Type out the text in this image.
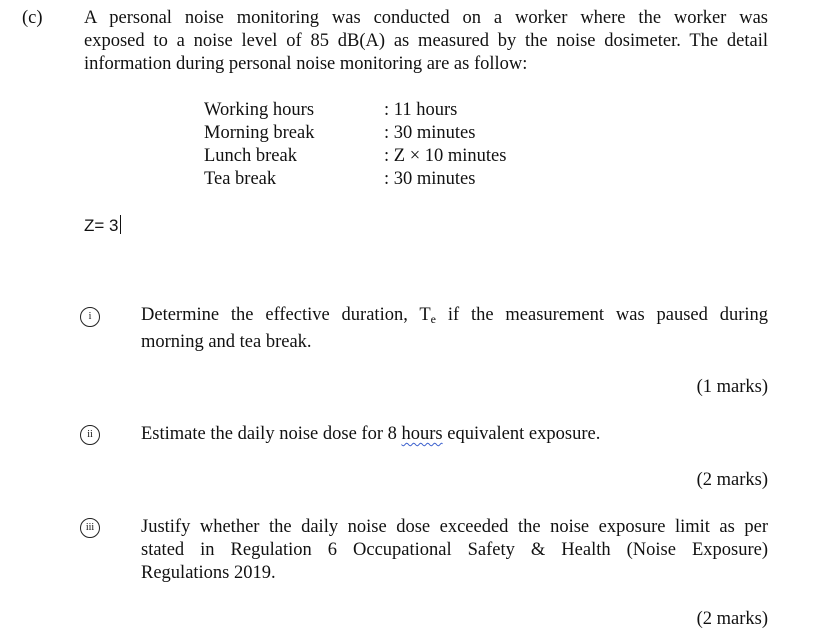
(c) A personal noise monitoring was conducted on a worker where the worker was
exposed to a noise level of 85 dB(A) as measured by the noise dosimeter. The detail
information during personal noise monitoring are as follow:
Working hours	: 11 hours
Morning break	: 30 minutes
Lunch break	: Z × 10 minutes
Tea break	: 30 minutes
Z= 3
i	Determine the effective duration, $T_e$ if the measurement was paused during
morning and tea break.
(1 marks)
ii	Estimate the daily noise dose for 8 hours equivalent exposure.
(2 marks)
iii	Justify whether the daily noise dose exceeded the noise exposure limit as per
stated in Regulation 6 Occupational Safety & Health (Noise Exposure)
Regulations 2019.
(2 marks)
